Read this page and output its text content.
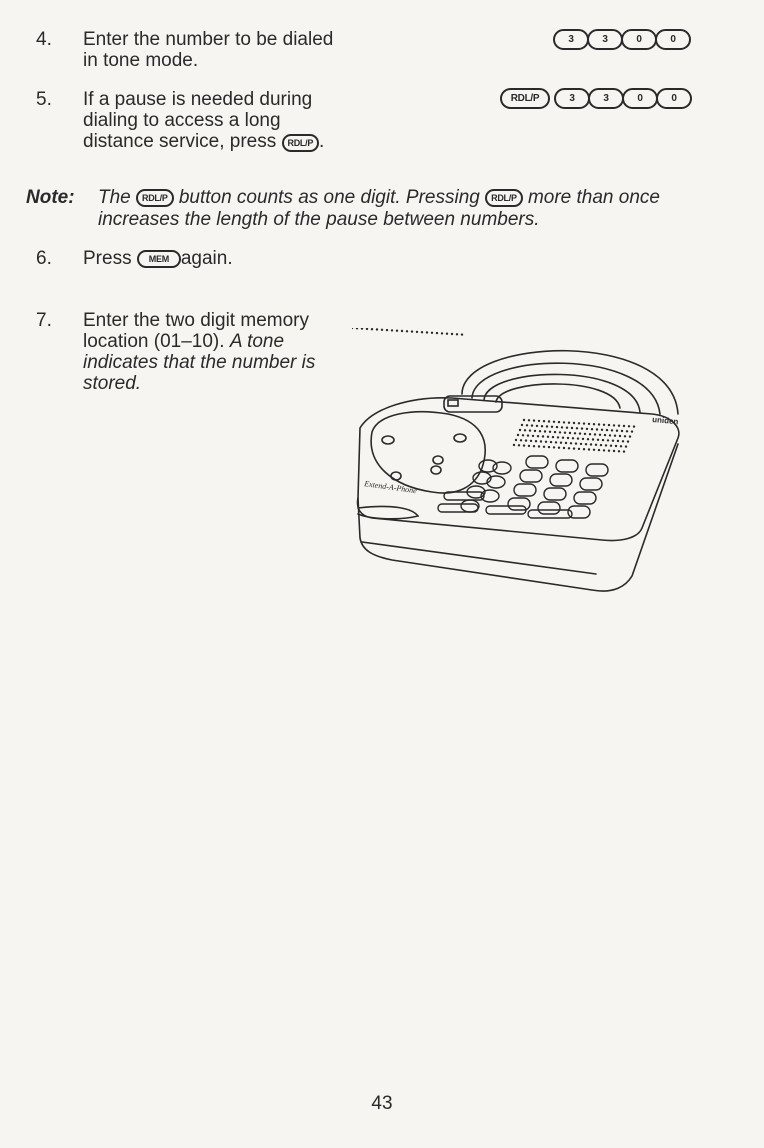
4. Enter the number to be dialed in tone mode.
3	3	0	0
5. If a pause is needed during dialing to access a long distance service, press RDL/P .
RDL/P	3	3	0	0
Note: The RDL/P button counts as one digit. Pressing RDL/P more than once increases the length of the pause between numbers.
6. Press MEM again.
7. Enter the two digit memory location (01–10). A tone indicates that the number is stored.
uniden
Extend-A-Phone
43
